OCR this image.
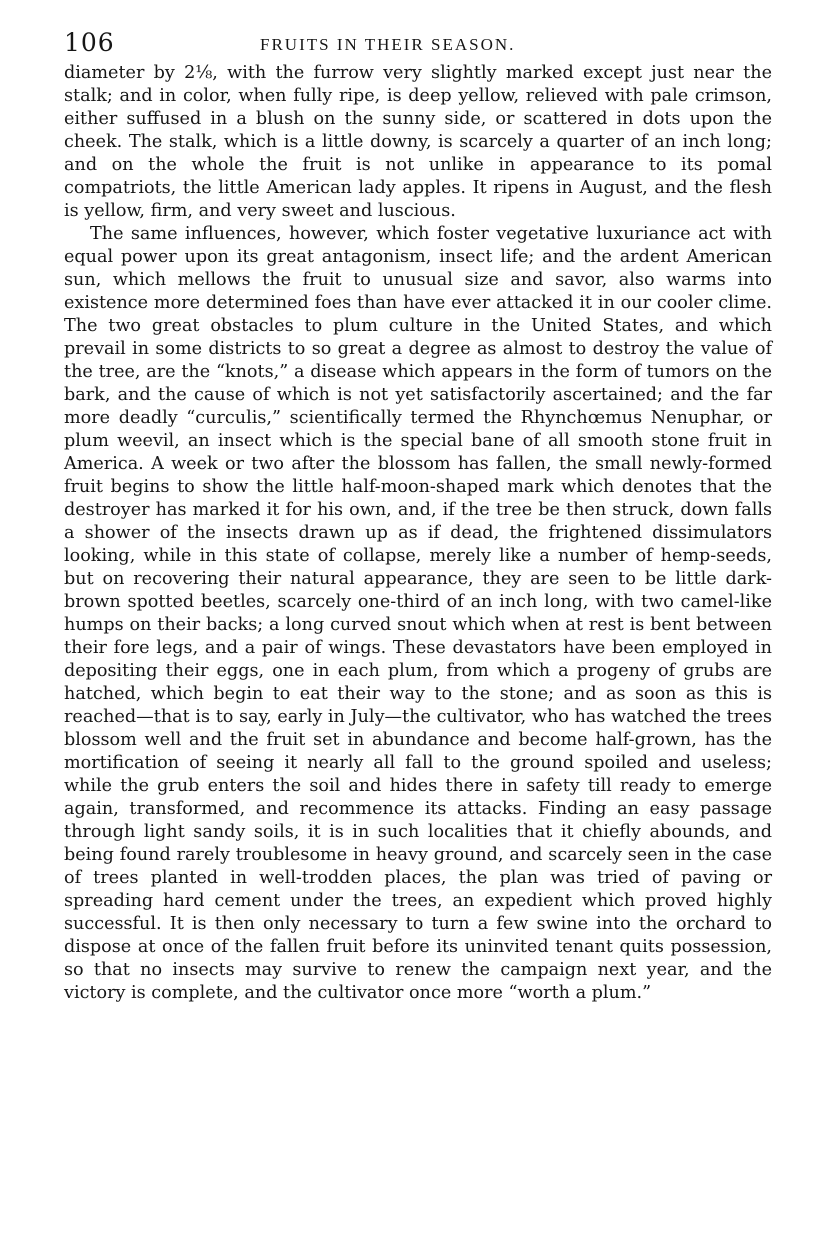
106	FRUITS IN THEIR SEASON.

diameter by 2⅛, with the furrow very slightly marked except just near the stalk; and in color, when fully ripe, is deep yellow, relieved with pale crimson, either suffused in a blush on the sunny side, or scattered in dots upon the cheek. The stalk, which is a little downy, is scarcely a quarter of an inch long; and on the whole the fruit is not unlike in appearance to its pomal compatriots, the little American lady apples. It ripens in August, and the flesh is yellow, firm, and very sweet and luscious.

The same influences, however, which foster vegetative luxuriance act with equal power upon its great antagonism, insect life; and the ardent American sun, which mellows the fruit to unusual size and savor, also warms into existence more determined foes than have ever attacked it in our cooler clime. The two great obstacles to plum culture in the United States, and which prevail in some districts to so great a degree as almost to destroy the value of the tree, are the “knots,” a disease which appears in the form of tumors on the bark, and the cause of which is not yet satisfactorily ascertained; and the far more deadly “curculis,” scientifically termed the Rhynchœmus Nenuphar, or plum weevil, an insect which is the special bane of all smooth stone fruit in America. A week or two after the blossom has fallen, the small newly-formed fruit begins to show the little half-moon-shaped mark which denotes that the destroyer has marked it for his own, and, if the tree be then struck, down falls a shower of the insects drawn up as if dead, the frightened dissimulators looking, while in this state of collapse, merely like a number of hemp-seeds, but on recovering their natural appearance, they are seen to be little dark-brown spotted beetles, scarcely one-third of an inch long, with two camel-like humps on their backs; a long curved snout which when at rest is bent between their fore legs, and a pair of wings. These devastators have been employed in depositing their eggs, one in each plum, from which a progeny of grubs are hatched, which begin to eat their way to the stone; and as soon as this is reached—that is to say, early in July—the cultivator, who has watched the trees blossom well and the fruit set in abundance and become half-grown, has the mortification of seeing it nearly all fall to the ground spoiled and useless; while the grub enters the soil and hides there in safety till ready to emerge again, transformed, and recommence its attacks. Finding an easy passage through light sandy soils, it is in such localities that it chiefly abounds, and being found rarely troublesome in heavy ground, and scarcely seen in the case of trees planted in well-trodden places, the plan was tried of paving or spreading hard cement under the trees, an expedient which proved highly successful. It is then only necessary to turn a few swine into the orchard to dispose at once of the fallen fruit before its uninvited tenant quits possession, so that no insects may survive to renew the campaign next year, and the victory is complete, and the cultivator once more “worth a plum.”
